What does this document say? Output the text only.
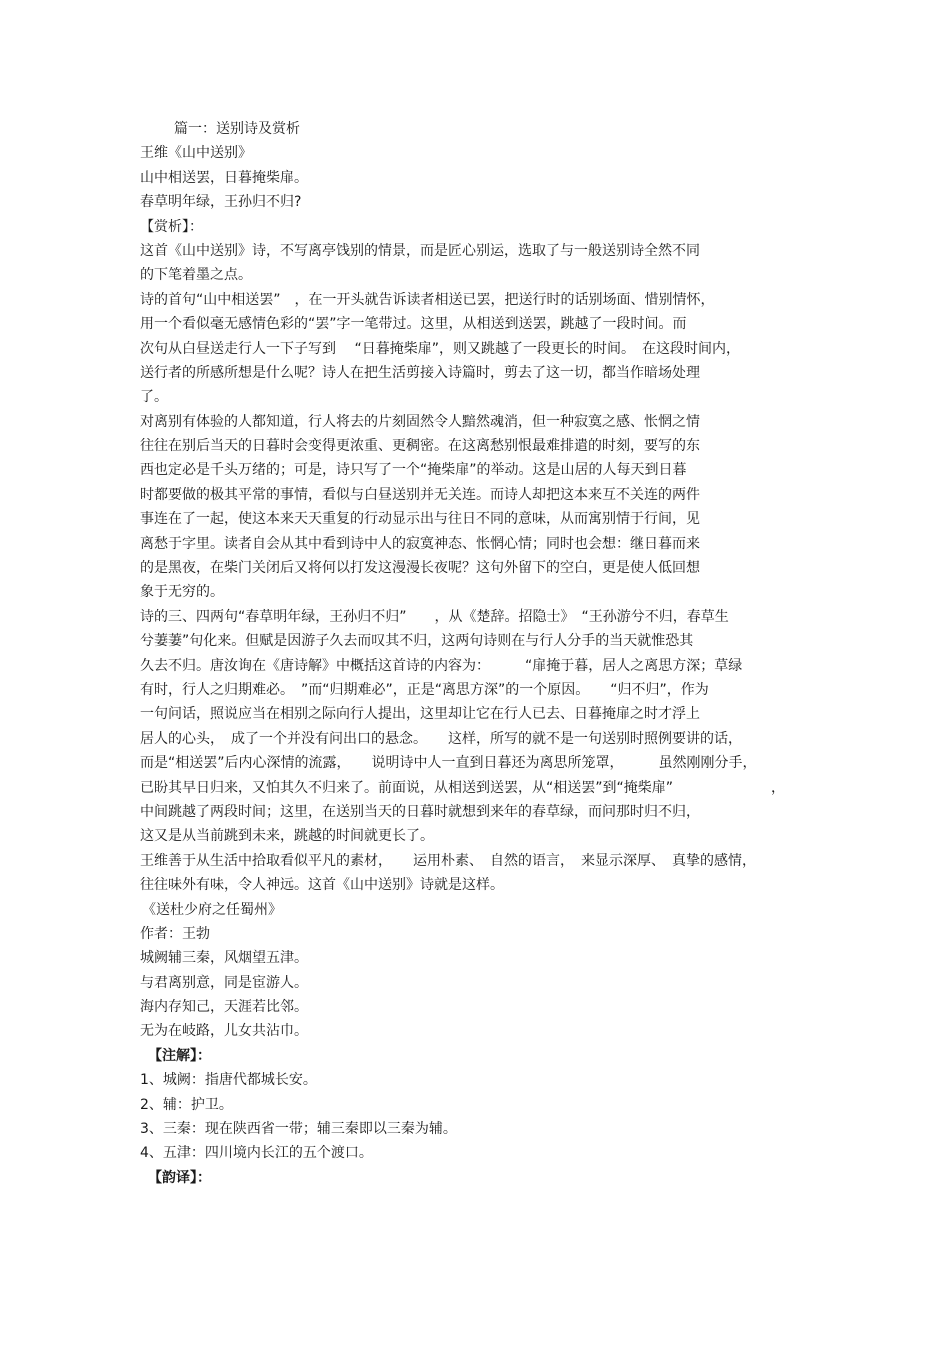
篇一：送别诗及赏析
王维《山中送别》
山中相送罢，日暮掩柴扉。
春草明年绿，王孙归不归?
【赏析】：
这首《山中送别》诗，不写离亭饯别的情景，而是匠心别运，选取了与一般送别诗全然不同
的下笔着墨之点。
诗的首句“山中相送罢”　，在一开头就告诉读者相送已罢，把送行时的话别场面、惜别情怀，
用一个看似毫无感情色彩的“罢”字一笔带过。这里，从相送到送罢，跳越了一段时间。而
次句从白昼送走行人一下子写到　 “日暮掩柴扉”，则又跳越了一段更长的时间。　在这段时间内，
送行者的所感所想是什么呢？诗人在把生活剪接入诗篇时，剪去了这一切，都当作暗场处理
了。
对离别有体验的人都知道，行人将去的片刻固然令人黯然魂消，但一种寂寞之感、怅惘之情
往往在别后当天的日暮时会变得更浓重、更稠密。在这离愁别恨最难排遣的时刻，要写的东
西也定必是千头万绪的；可是，诗只写了一个“掩柴扉”的举动。这是山居的人每天到日暮
时都要做的极其平常的事情，看似与白昼送别并无关连。而诗人却把这本来互不关连的两件
事连在了一起，使这本来天天重复的行动显示出与往日不同的意味，从而寓别情于行间，见
离愁于字里。读者自会从其中看到诗中人的寂寞神态、怅惘心情；同时也会想：继日暮而来
的是黑夜，在柴门关闭后又将何以打发这漫漫长夜呢？这句外留下的空白，更是使人低回想
象于无穷的。
诗的三、四两句“春草明年绿，王孙归不归”　　，从《楚辞。招隐士》　“王孙游兮不归，春草生
兮萋萋”句化来。但赋是因游子久去而叹其不归，这两句诗则在与行人分手的当天就惟恐其
久去不归。唐汝询在《唐诗解》中概括这首诗的内容为：　　　“扉掩于暮，居人之离思方深；草绿
有时，行人之归期难必。　”而“归期难必”，正是“离思方深”的一个原因。　　“归不归”，作为
一句问话，照说应当在相别之际向行人提出，这里却让它在行人已去、日暮掩扉之时才浮上
居人的心头，　成了一个并没有问出口的悬念。　　这样，所写的就不是一句送别时照例要讲的话，
而是“相送罢”后内心深情的流露，　　说明诗中人一直到日暮还为离思所笼罩，　　　虽然刚刚分手，
已盼其早日归来，又怕其久不归来了。前面说，从相送到送罢，从“相送罢”到“掩柴扉”　　　　　　　，
中间跳越了两段时间；这里，在送别当天的日暮时就想到来年的春草绿，而问那时归不归，
这又是从当前跳到未来，跳越的时间就更长了。
王维善于从生活中拾取看似平凡的素材，　　运用朴素、　自然的语言，　来显示深厚、　真挚的感情，
往往味外有味，令人神远。这首《山中送别》诗就是这样。
《送杜少府之任蜀州》
作者：王勃
城阙辅三秦，风烟望五津。
与君离别意，同是宦游人。
海内存知己，天涯若比邻。
无为在岐路，儿女共沾巾。
【注解】：
1、城阙：指唐代都城长安。
2、辅：护卫。
3、三秦：现在陕西省一带；辅三秦即以三秦为辅。
4、五津：四川境内长江的五个渡口。
【韵译】：
